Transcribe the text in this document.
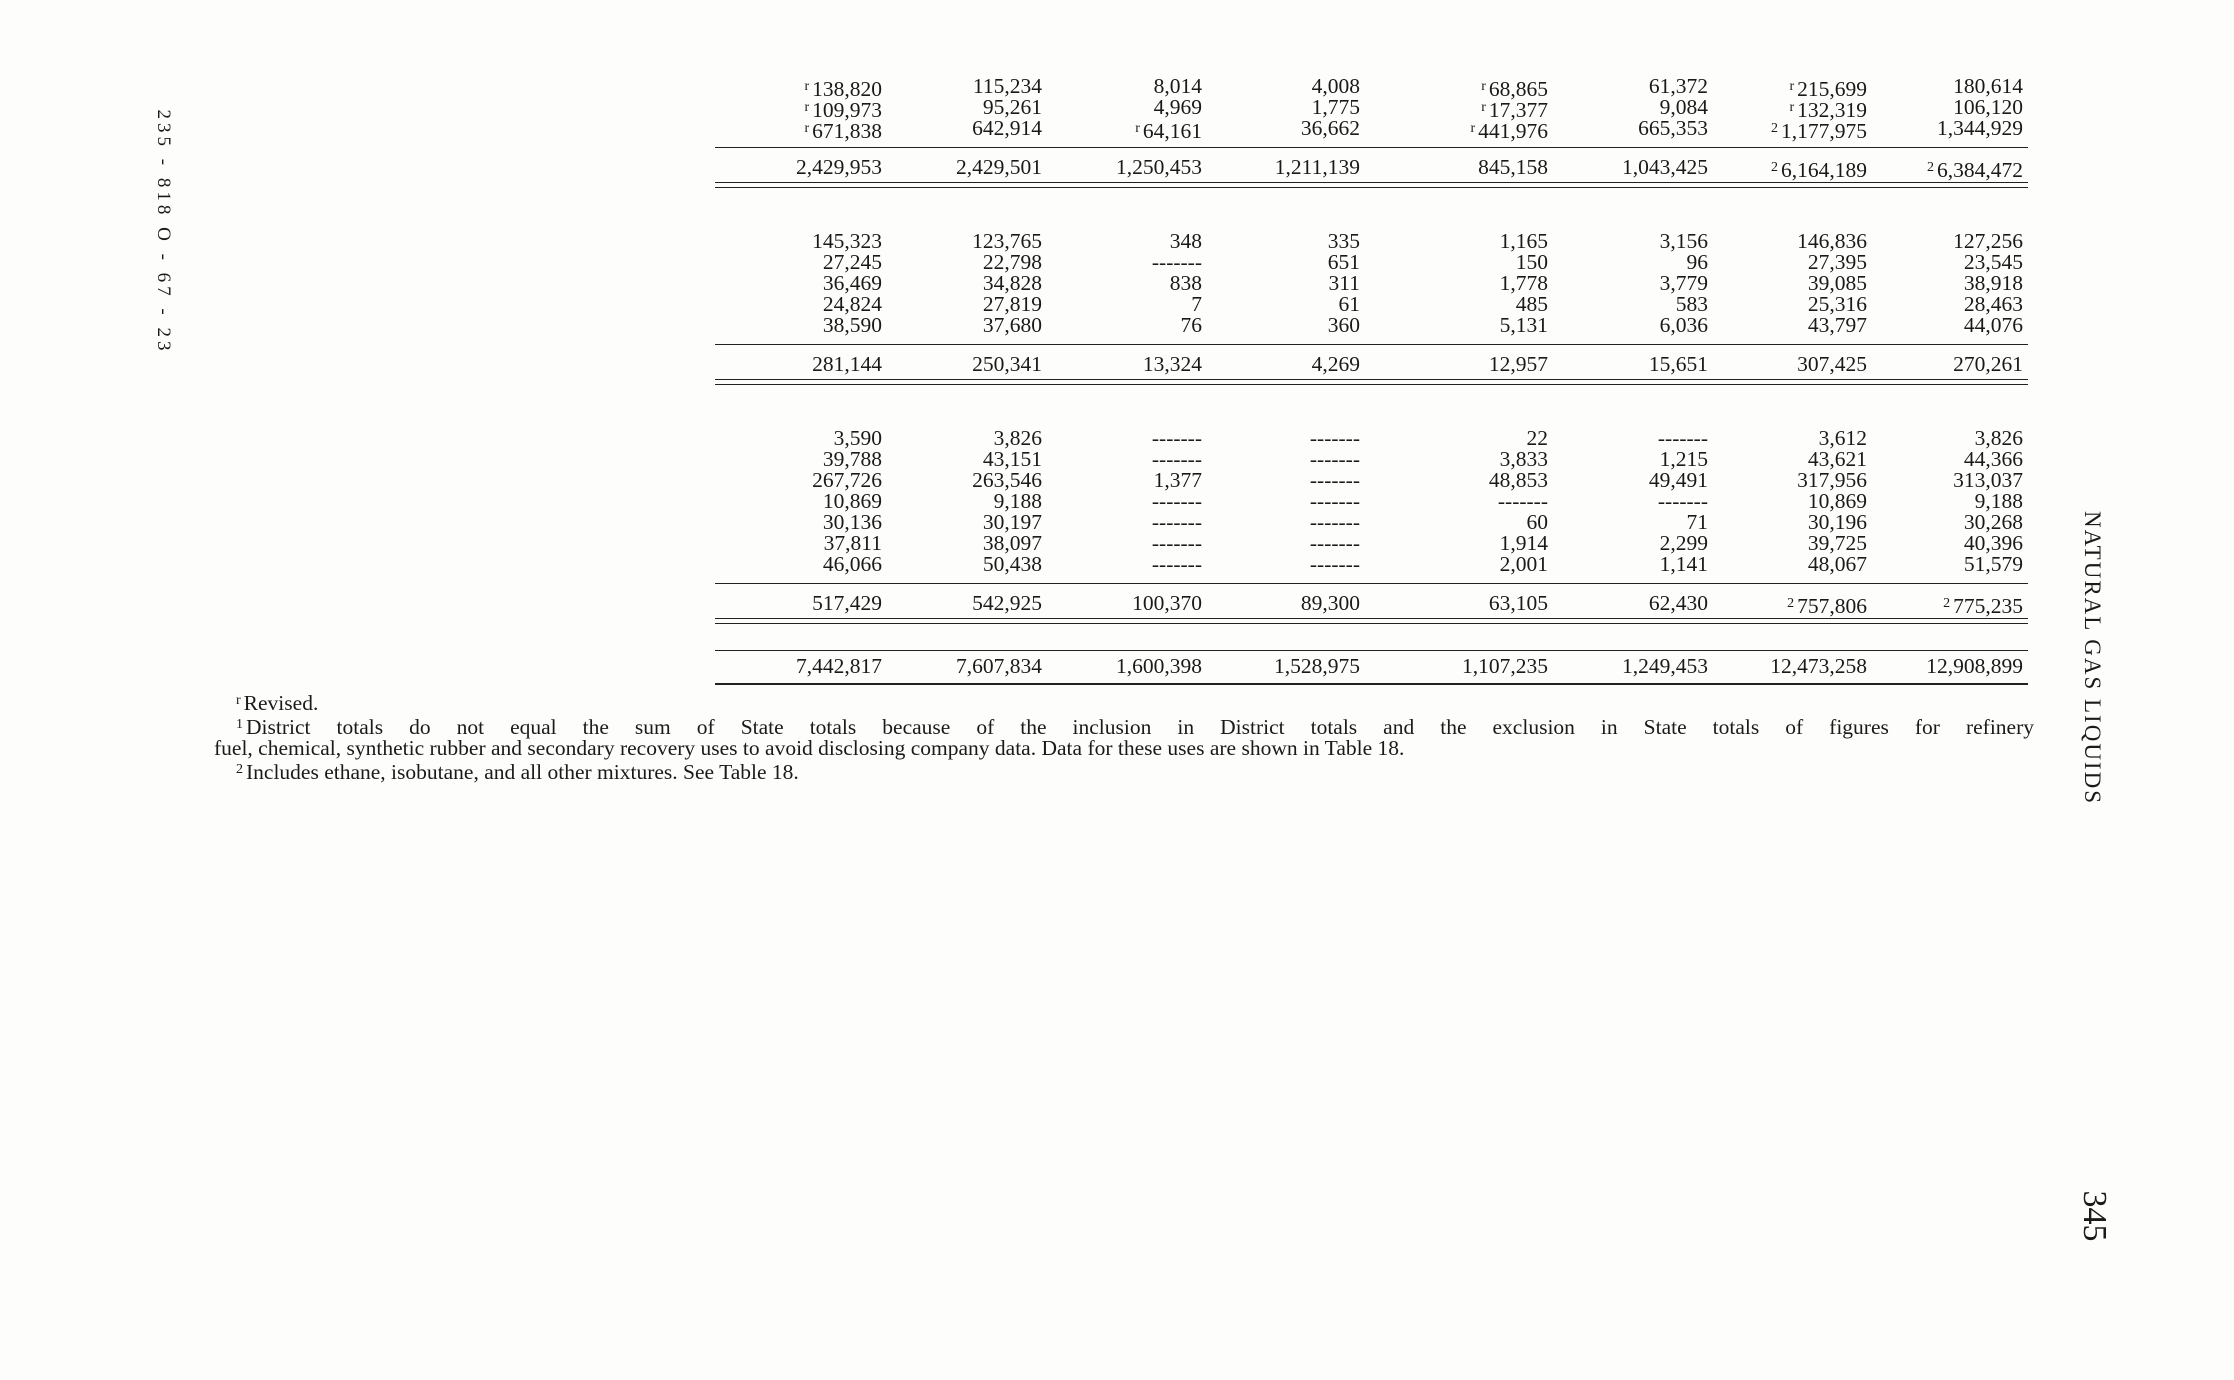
235 - 818 O - 67 - 23
NATURAL GAS LIQUIDS
345
$^r$ 138,820	115,234	8,014	4,008	$^r$ 68,865	61,372	$^r$ 215,699	180,614
$^r$ 109,973	95,261	4,969	1,775	$^r$ 17,377	9,084	$^r$ 132,319	106,120
$^r$ 671,838	642,914	$^r$ 64,161	36,662	$^r$ 441,976	665,353	$^2$ 1,177,975	1,344,929
2,429,953	2,429,501	1,250,453	1,211,139	845,158	1,043,425	$^2$ 6,164,189	$^2$ 6,384,472
145,323	123,765	348	335	1,165	3,156	146,836	127,256
27,245	22,798	-------	651	150	96	27,395	23,545
36,469	34,828	838	311	1,778	3,779	39,085	38,918
24,824	27,819	7	61	485	583	25,316	28,463
38,590	37,680	76	360	5,131	6,036	43,797	44,076
281,144	250,341	13,324	4,269	12,957	15,651	307,425	270,261
3,590	3,826	-------	-------	22	-------	3,612	3,826
39,788	43,151	-------	-------	3,833	1,215	43,621	44,366
267,726	263,546	1,377	-------	48,853	49,491	317,956	313,037
10,869	9,188	-------	-------	-------	-------	10,869	9,188
30,136	30,197	-------	-------	60	71	30,196	30,268
37,811	38,097	-------	-------	1,914	2,299	39,725	40,396
46,066	50,438	-------	-------	2,001	1,141	48,067	51,579
517,429	542,925	100,370	89,300	63,105	62,430	$^2$ 757,806	$^2$ 775,235
7,442,817	7,607,834	1,600,398	1,528,975	1,107,235	1,249,453	12,473,258	12,908,899
$^r$ Revised.
$^1$ District totals do not equal the sum of State totals because of the inclusion in District totals and the exclusion in State totals of figures for refinery
fuel, chemical, synthetic rubber and secondary recovery uses to avoid disclosing company data. Data for these uses are shown in Table 18.
$^2$ Includes ethane, isobutane, and all other mixtures. See Table 18.
